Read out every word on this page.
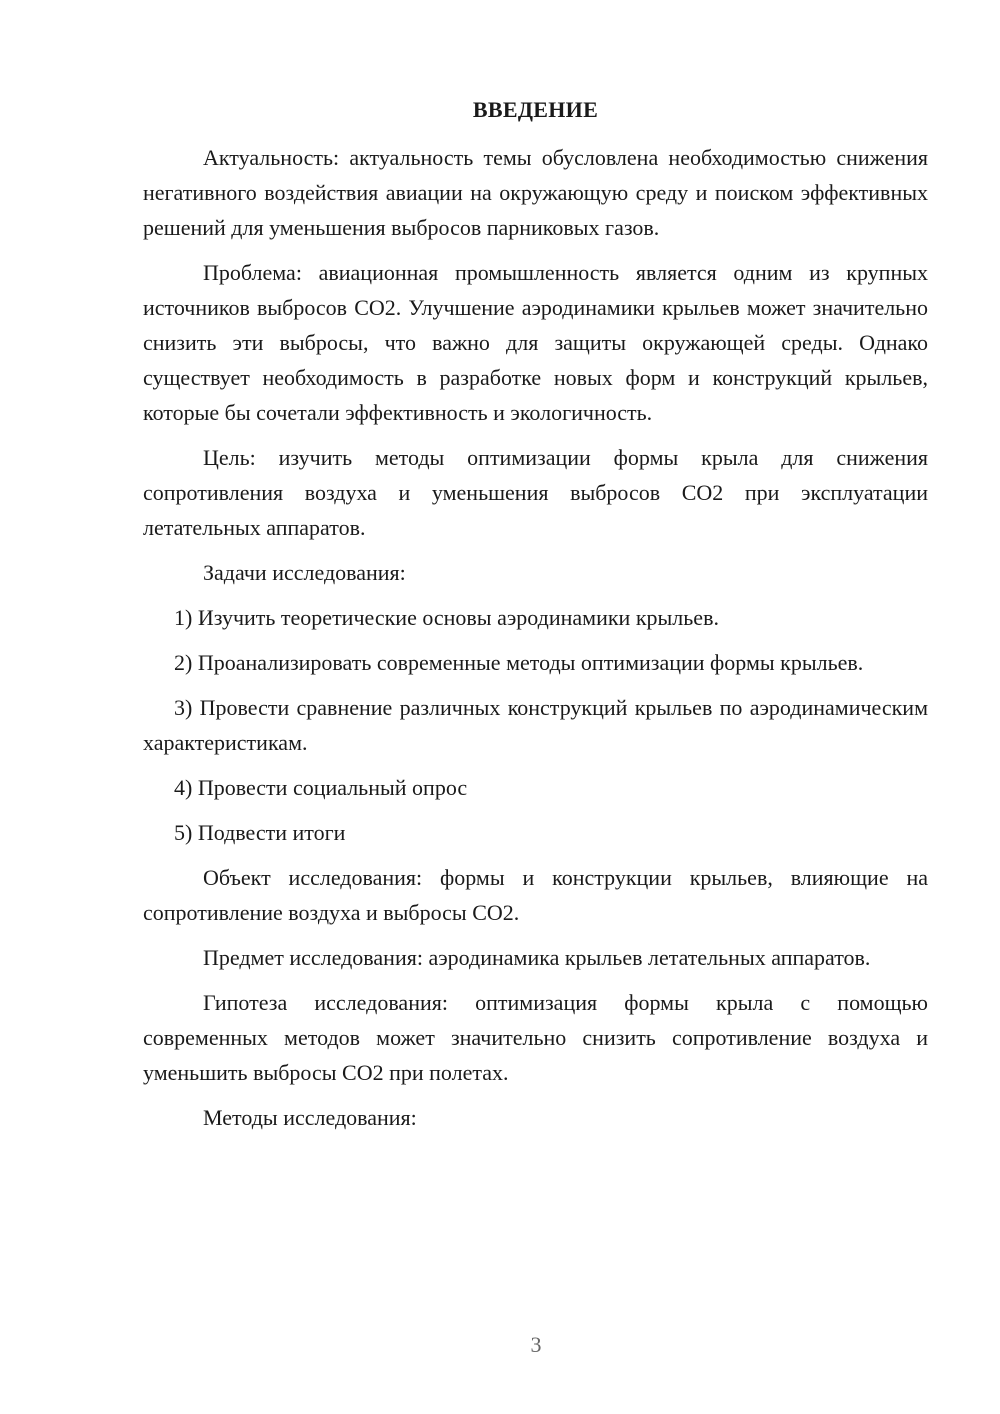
ВВЕДЕНИЕ

Актуальность: актуальность темы обусловлена необходимостью снижения негативного воздействия авиации на окружающую среду и поиском эффективных решений для уменьшения выбросов парниковых газов.

Проблема: авиационная промышленность является одним из крупных источников выбросов СО2. Улучшение аэродинамики крыльев может значительно снизить эти выбросы, что важно для защиты окружающей среды. Однако существует необходимость в разработке новых форм и конструкций крыльев, которые бы сочетали эффективность и экологичность.

Цель: изучить методы оптимизации формы крыла для снижения сопротивления воздуха и уменьшения выбросов СО2 при эксплуатации летательных аппаратов.

Задачи исследования:

1) Изучить теоретические основы аэродинамики крыльев.

2) Проанализировать современные методы оптимизации формы крыльев.

3) Провести сравнение различных конструкций крыльев по аэродинамическим характеристикам.

4) Провести социальный опрос

5) Подвести итоги

Объект исследования: формы и конструкции крыльев, влияющие на сопротивление воздуха и выбросы СО2.

Предмет исследования: аэродинамика крыльев летательных аппаратов.

Гипотеза исследования: оптимизация формы крыла с помощью современных методов может значительно снизить сопротивление воздуха и уменьшить выбросы СО2 при полетах.

Методы исследования:

3
